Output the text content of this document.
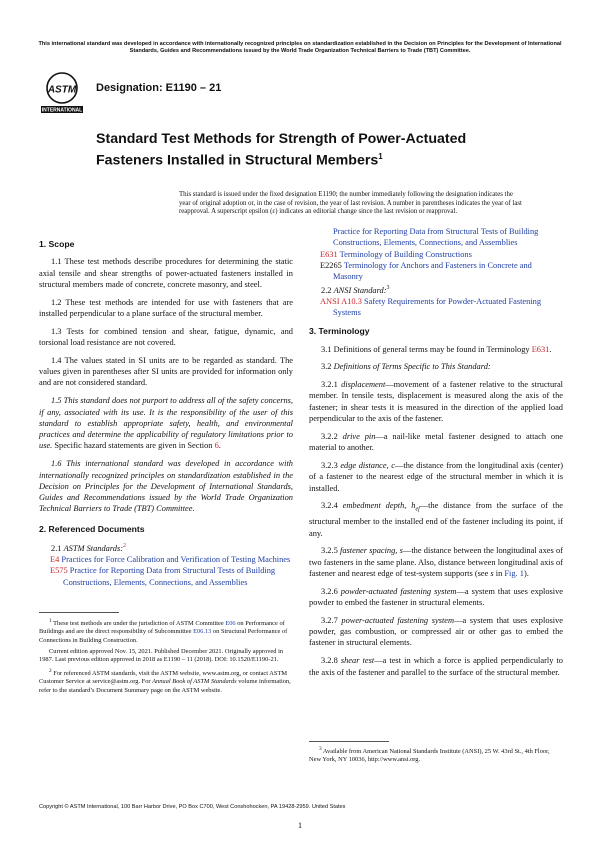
This international standard was developed in accordance with internationally recognized principles on standardization established in the Decision on Principles for the Development of International Standards, Guides and Recommendations issued by the World Trade Organization Technical Barriers to Trade (TBT) Committee.
ASTM
INTERNATIONAL
Designation: E1190 – 21
Standard Test Methods for Strength of Power-Actuated Fasteners Installed in Structural Members$^1$
This standard is issued under the fixed designation E1190; the number immediately following the designation indicates the year of original adoption or, in the case of revision, the year of last revision. A number in parentheses indicates the year of last reapproval. A superscript epsilon (ε) indicates an editorial change since the last revision or reapproval.
1. Scope

1.1 These test methods describe procedures for determining the static axial tensile and shear strengths of power-actuated fasteners installed in structural members made of concrete, concrete masonry, and steel.

1.2 These test methods are intended for use with fasteners that are installed perpendicular to a plane surface of the structural member.

1.3 Tests for combined tension and shear, fatigue, dynamic, and torsional load resistance are not covered.

1.4 The values stated in SI units are to be regarded as standard. The values given in parentheses after SI units are provided for information only and are not considered standard.

1.5 This standard does not purport to address all of the safety concerns, if any, associated with its use. It is the responsibility of the user of this standard to establish appropriate safety, health, and environmental practices and determine the applicability of regulatory limitations prior to use. Specific hazard statements are given in Section 6.

1.6 This international standard was developed in accordance with internationally recognized principles on standardization established in the Decision on Principles for the Development of International Standards, Guides and Recommendations issued by the World Trade Organization Technical Barriers to Trade (TBT) Committee.

2. Referenced Documents

2.1 ASTM Standards:$^2$

E4 Practices for Force Calibration and Verification of Testing Machines

E575 Practice for Reporting Data from Structural Tests of Building Constructions, Elements, Connections, and Assemblies

$^1$ These test methods are under the jurisdiction of ASTM Committee E06 on Performance of Buildings and are the direct responsibility of Subcommittee E06.13 on Structural Performance of Connections in Building Construction.

Current edition approved Nov. 15, 2021. Published December 2021. Originally approved in 1987. Last previous edition approved in 2018 as E1190 – 11 (2018). DOI: 10.1520/E1190-21.

$^2$ For referenced ASTM standards, visit the ASTM website, www.astm.org, or contact ASTM Customer Service at service@astm.org. For Annual Book of ASTM Standards volume information, refer to the standard’s Document Summary page on the ASTM website.

Practice for Reporting Data from Structural Tests of Building Constructions, Elements, Connections, and Assemblies

E631 Terminology of Building Constructions

E2265 Terminology for Anchors and Fasteners in Concrete and Masonry

2.2 ANSI Standard:$^3$

ANSI A10.3 Safety Requirements for Powder-Actuated Fastening Systems

3. Terminology

3.1 Definitions of general terms may be found in Terminology E631.

3.2 Definitions of Terms Specific to This Standard:

3.2.1 displacement—movement of a fastener relative to the structural member. In tensile tests, displacement is measured along the axis of the fastener; in shear tests it is measured in the direction of the applied load perpendicular to the axis of the fastener.

3.2.2 drive pin—a nail-like metal fastener designed to attach one material to another.

3.2.3 edge distance, c—the distance from the longitudinal axis (center) of a fastener to the nearest edge of the structural member in which it is installed.

3.2.4 embedment depth, $h_{ef}—the$ distance from the surface of the structural member to the installed end of the fastener including its point, if any.

3.2.5 fastener spacing, s—the distance between the longitudinal axes of two fasteners in the same plane. Also, distance between longitudinal axis of fastener and nearest edge of test-system supports (see s in Fig. 1).

3.2.6 powder-actuated fastening system—a system that uses explosive powder to embed the fastener in structural elements.

3.2.7 power-actuated fastening system—a system that uses explosive powder, gas combustion, or compressed air or other gas to embed the fastener in structural elements.

3.2.8 shear test—a test in which a force is applied perpendicularly to the axis of the fastener and parallel to the surface of the structural member.

$^3$ Available from American National Standards Institute (ANSI), 25 W. 43rd St., 4th Floor, New York, NY 10036, http://www.ansi.org.

Copyright © ASTM International, 100 Barr Harbor Drive, PO Box C700, West Conshohocken, PA 19428-2959. United States
1
